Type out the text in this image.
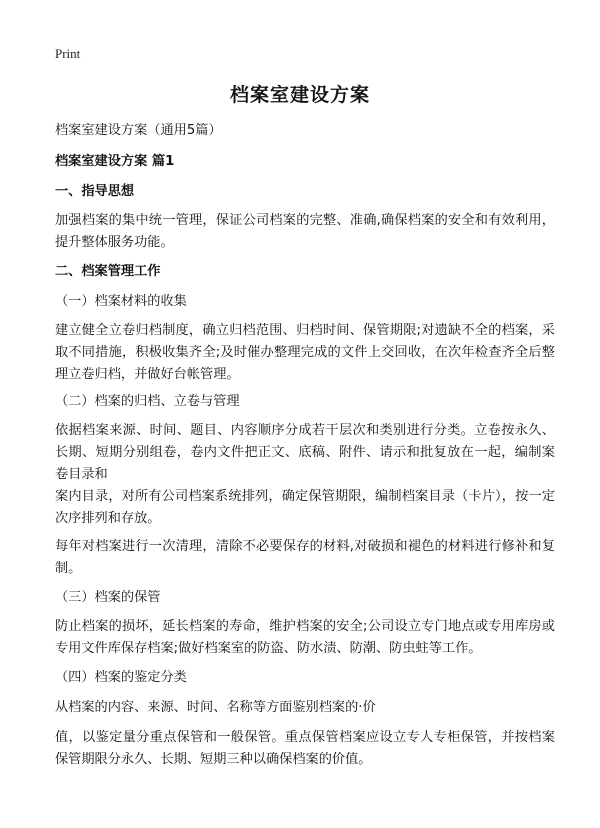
Print
档案室建设方案
档案室建设方案（通用5篇）
档案室建设方案 篇1
一、指导思想
加强档案的集中统一管理，保证公司档案的完整、准确,确保档案的安全和有效利用，提升整体服务功能。
二、档案管理工作
（一）档案材料的收集
建立健全立卷归档制度，确立归档范围、归档时间、保管期限;对遗缺不全的档案，采取不同措施，积极收集齐全;及时催办整理完成的文件上交回收，在次年检查齐全后整理立卷归档，并做好台帐管理。
（二）档案的归档、立卷与管理
依据档案来源、时间、题目、内容顺序分成若干层次和类别进行分类。立卷按永久、长期、短期分别组卷，卷内文件把正文、底稿、附件、请示和批复放在一起，编制案卷目录和
案内目录，对所有公司档案系统排列，确定保管期限，编制档案目录（卡片），按一定次序排列和存放。
每年对档案进行一次清理，清除不必要保存的材料,对破损和褪色的材料进行修补和复制。
（三）档案的保管
防止档案的损坏，延长档案的寿命，维护档案的安全;公司设立专门地点或专用库房或专用文件库保存档案;做好档案室的防盗、防水渍、防潮、防虫蛀等工作。
（四）档案的鉴定分类
从档案的内容、来源、时间、名称等方面鉴别档案的·价
值，以鉴定量分重点保管和一般保管。重点保管档案应设立专人专柜保管，并按档案保管期限分永久、长期、短期三种以确保档案的价值。
